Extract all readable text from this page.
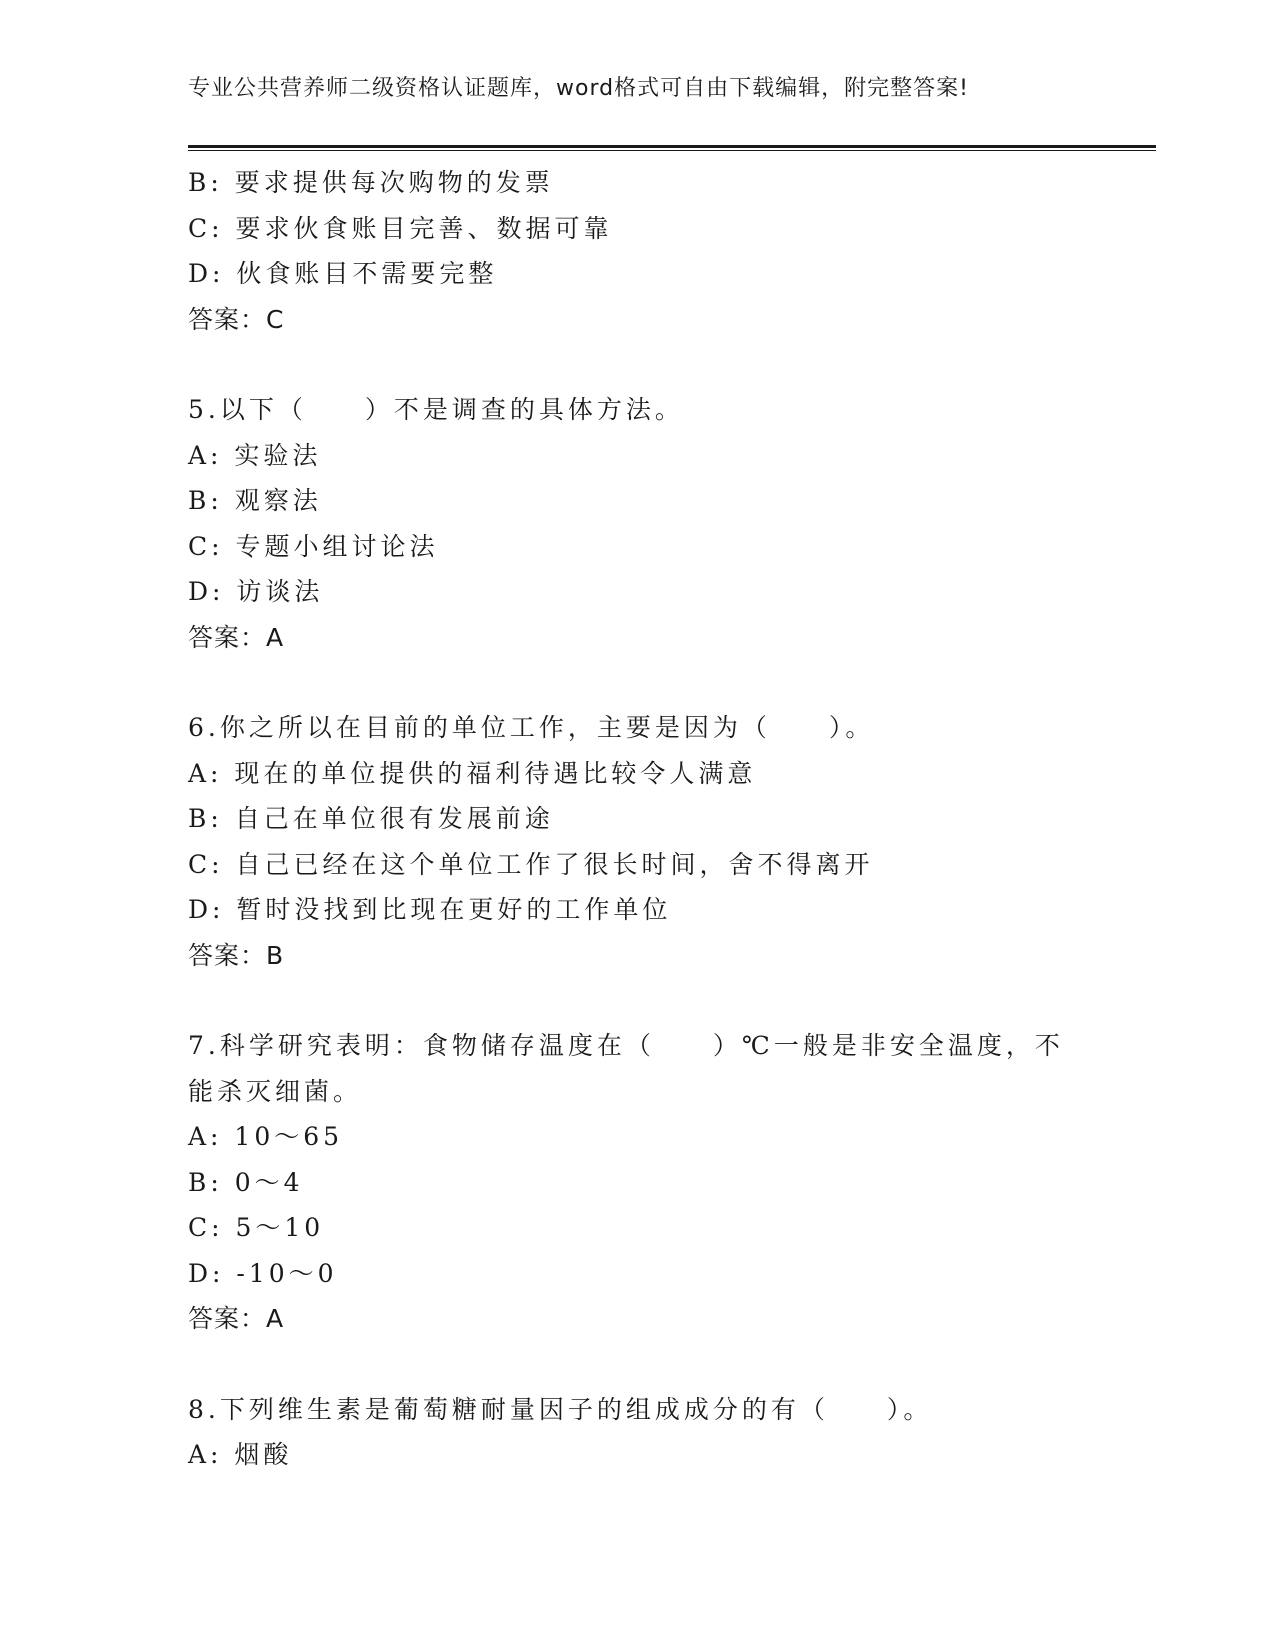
专业公共营养师二级资格认证题库，word格式可自由下载编辑，附完整答案!
B: 要求提供每次购物的发票
C: 要求伙食账目完善、数据可靠
D: 伙食账目不需要完整
答案：C
5.以下（　　）不是调查的具体方法。
A: 实验法
B: 观察法
C: 专题小组讨论法
D: 访谈法
答案：A
6.你之所以在目前的单位工作，主要是因为（　　）。
A: 现在的单位提供的福利待遇比较令人满意
B: 自己在单位很有发展前途
C: 自己已经在这个单位工作了很长时间，舍不得离开
D: 暂时没找到比现在更好的工作单位
答案：B
7.科学研究表明：食物储存温度在（　　）℃一般是非安全温度，不能杀灭细菌。
A: 10～65
B: 0～4
C: 5～10
D: -10～0
答案：A
8.下列维生素是葡萄糖耐量因子的组成成分的有（　　）。
A: 烟酸
